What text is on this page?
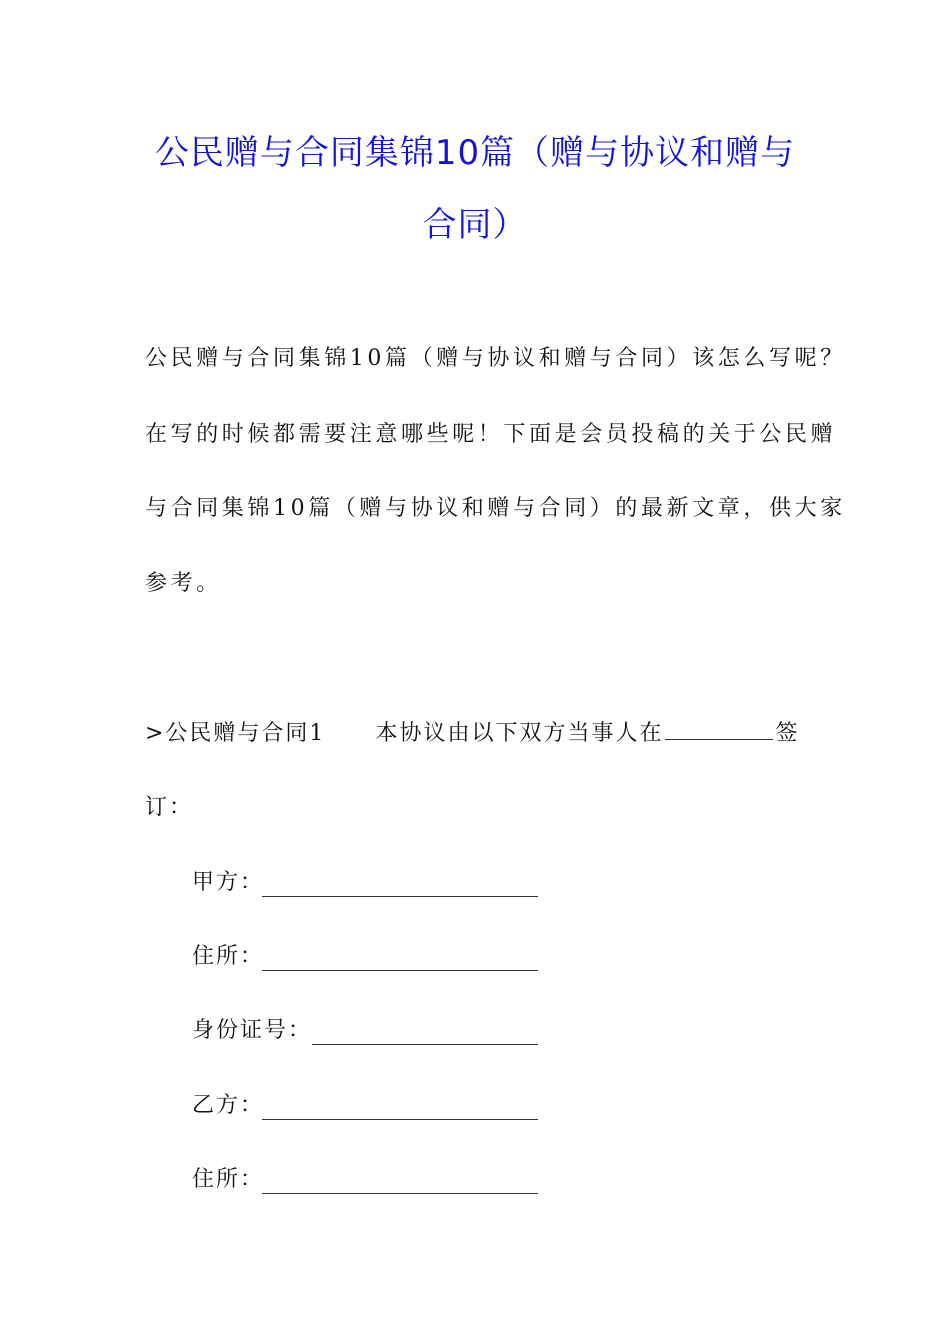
公民赠与合同集锦10篇（赠与协议和赠与
合同）
公民赠与合同集锦10篇（赠与协议和赠与合同）该怎么写呢？
在写的时候都需要注意哪些呢！下面是会员投稿的关于公民赠
与合同集锦10篇（赠与协议和赠与合同）的最新文章，供大家
参考。
>公民赠与合同1 本协议由以下双方当事人在	签
订：
甲方：
住所：
身份证号：
乙方：
住所：
